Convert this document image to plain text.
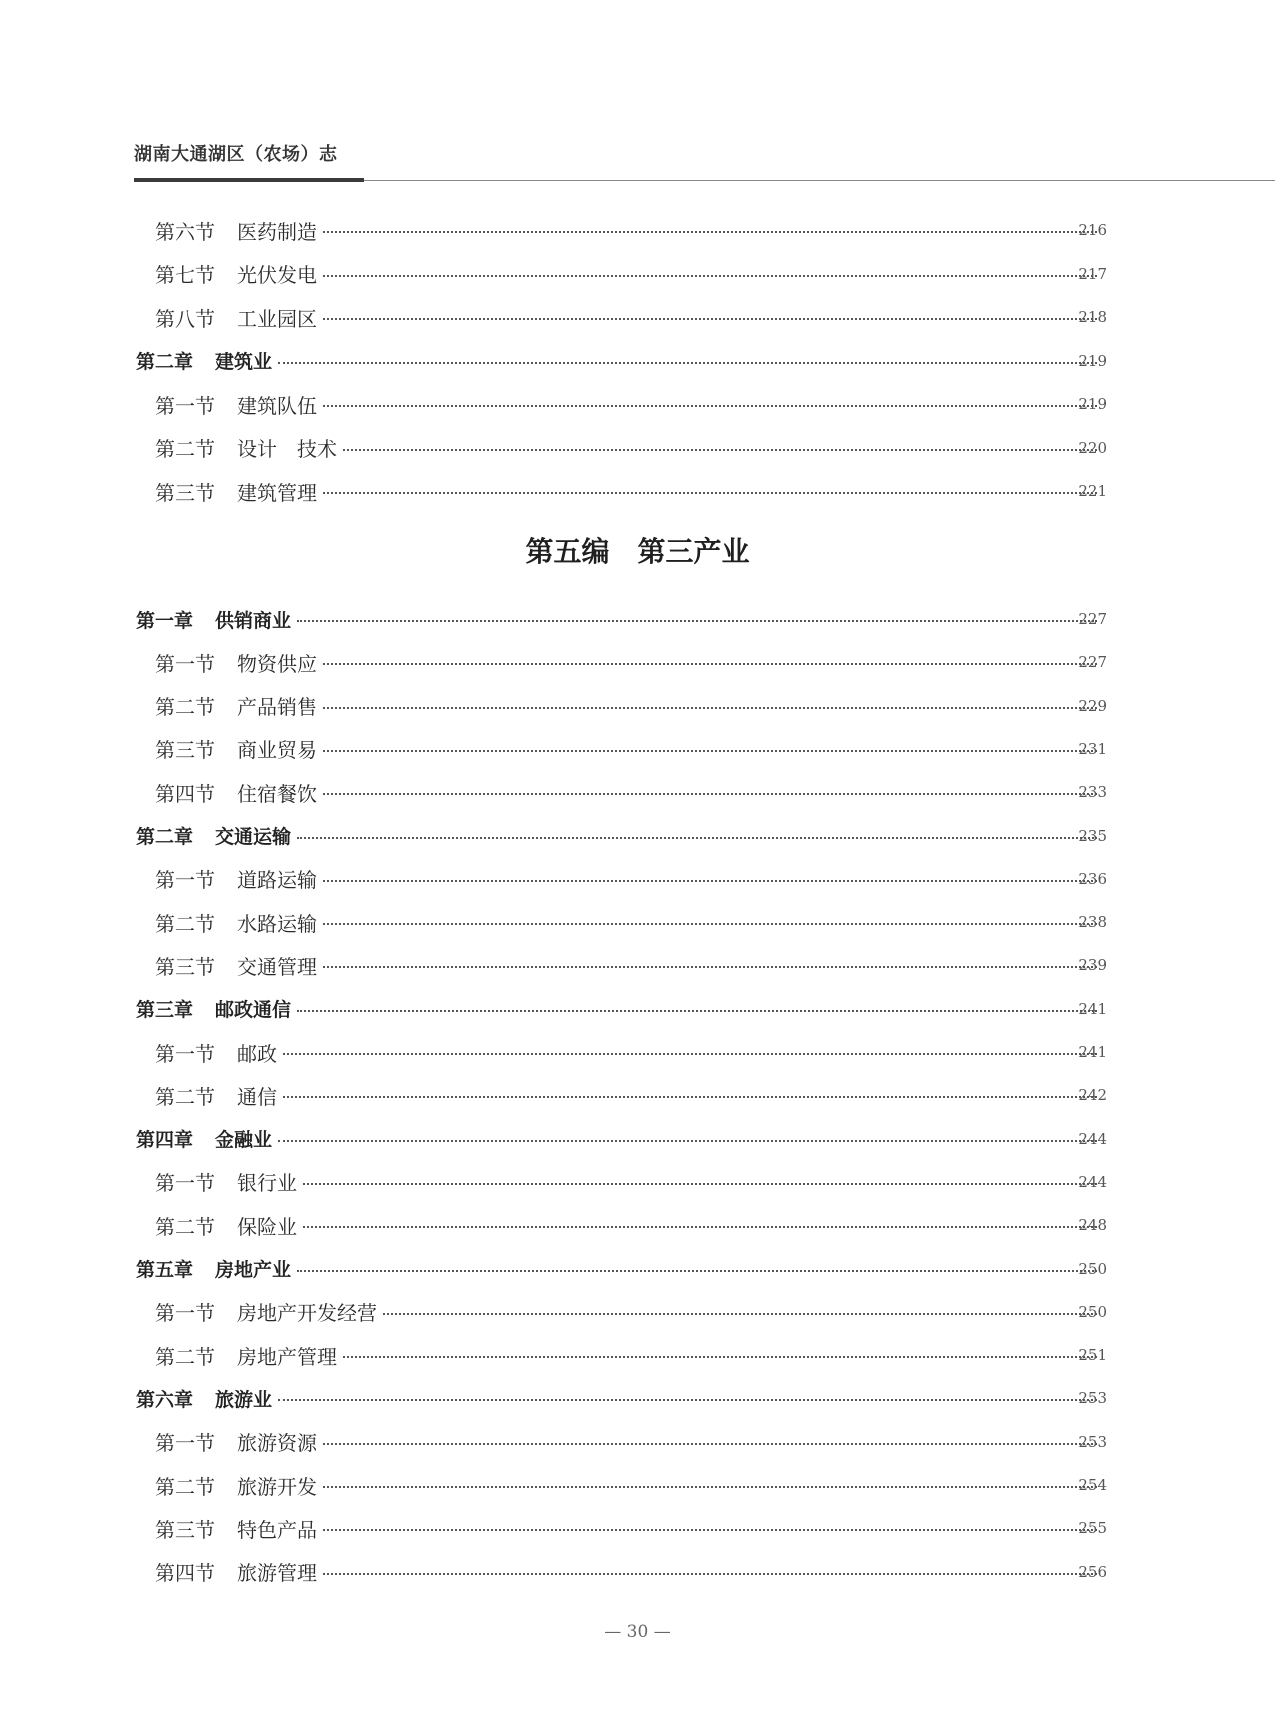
湖南大通湖区（农场）志
第六节 医药制造	216
第七节 光伏发电	217
第八节 工业园区	218
第二章 建筑业	219
第一节 建筑队伍	219
第二节 设计　技术	220
第三节 建筑管理	221
第一章 供销商业	227
第一节 物资供应	227
第二节 产品销售	229
第三节 商业贸易	231
第四节 住宿餐饮	233
第二章 交通运输	235
第一节 道路运输	236
第二节 水路运输	238
第三节 交通管理	239
第三章 邮政通信	241
第一节 邮政	241
第二节 通信	242
第四章 金融业	244
第一节 银行业	244
第二节 保险业	248
第五章 房地产业	250
第一节 房地产开发经营	250
第二节 房地产管理	251
第六章 旅游业	253
第一节 旅游资源	253
第二节 旅游开发	254
第三节 特色产品	255
第四节 旅游管理	256
第五编 第三产业
— 30 —
